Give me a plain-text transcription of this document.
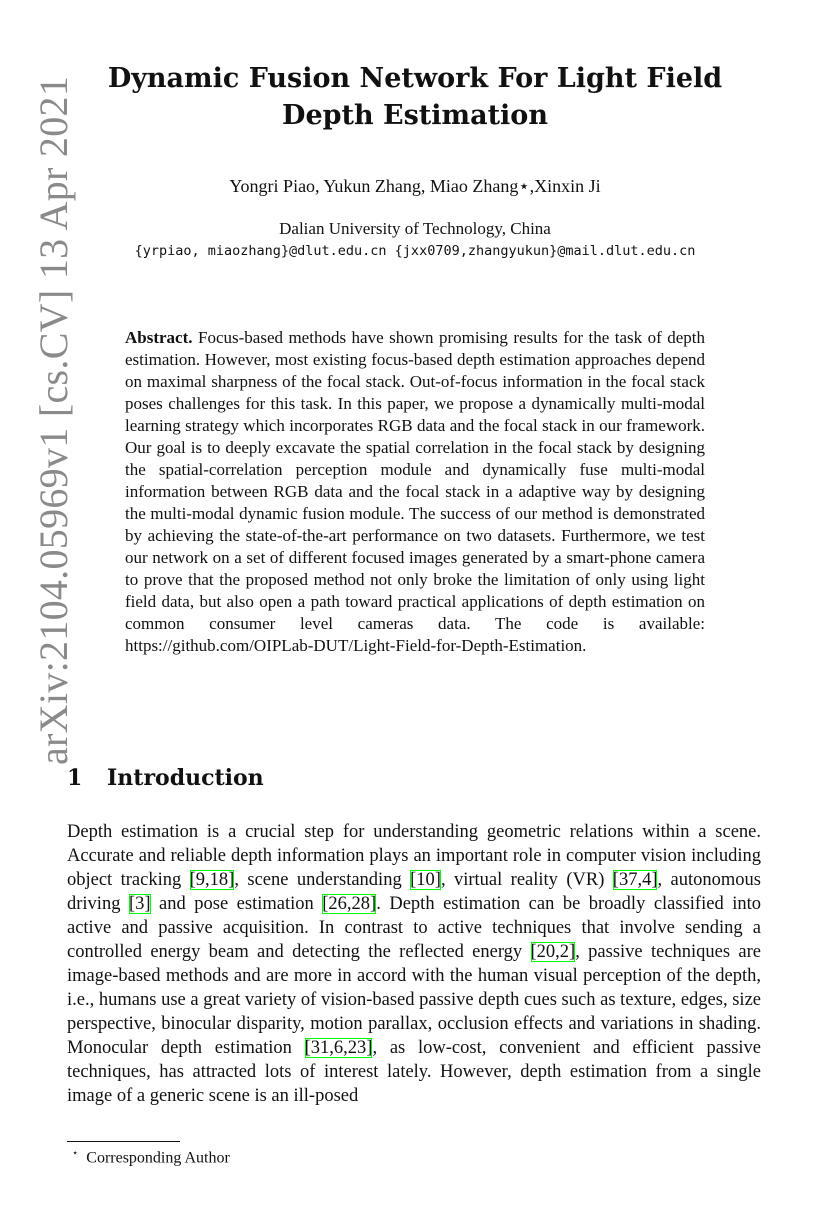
arXiv:2104.05969v1 [cs.CV] 13 Apr 2021	Dynamic Fusion Network For Light Field Depth Estimation
Yongri Piao, Yukun Zhang, Miao Zhang⋆,Xinxin Ji
Dalian University of Technology, China
{yrpiao, miaozhang}@dlut.edu.cn {jxx0709,zhangyukun}@mail.dlut.edu.cn
Abstract. Focus-based methods have shown promising results for the task of depth estimation. However, most existing focus-based depth estimation approaches depend on maximal sharpness of the focal stack. Out-of-focus information in the focal stack poses challenges for this task. In this paper, we propose a dynamically multi-modal learning strategy which incorporates RGB data and the focal stack in our framework. Our goal is to deeply excavate the spatial correlation in the focal stack by designing the spatial-correlation perception module and dynamically fuse multi-modal information between RGB data and the focal stack in a adaptive way by designing the multi-modal dynamic fusion module. The success of our method is demonstrated by achieving the state-of-the-art performance on two datasets. Furthermore, we test our network on a set of different focused images generated by a smart-phone camera to prove that the proposed method not only broke the limitation of only using light field data, but also open a path toward practical applications of depth estimation on common consumer level cameras data. The code is available: https://github.com/OIPLab-DUT/Light-Field-for-Depth-Estimation.
1 Introduction
Depth estimation is a crucial step for understanding geometric relations within a scene. Accurate and reliable depth information plays an important role in computer vision including object tracking [9,18], scene understanding [10], virtual reality (VR) [37,4], autonomous driving [3] and pose estimation [26,28]. Depth estimation can be broadly classified into active and passive acquisition. In contrast to active techniques that involve sending a controlled energy beam and detecting the reflected energy [20,2], passive techniques are image-based methods and are more in accord with the human visual perception of the depth, i.e., humans use a great variety of vision-based passive depth cues such as texture, edges, size perspective, binocular disparity, motion parallax, occlusion effects and variations in shading. Monocular depth estimation [31,6,23], as low-cost, convenient and efficient passive techniques, has attracted lots of interest lately. However, depth estimation from a single image of a generic scene is an ill-posed
⋆ Corresponding Author
